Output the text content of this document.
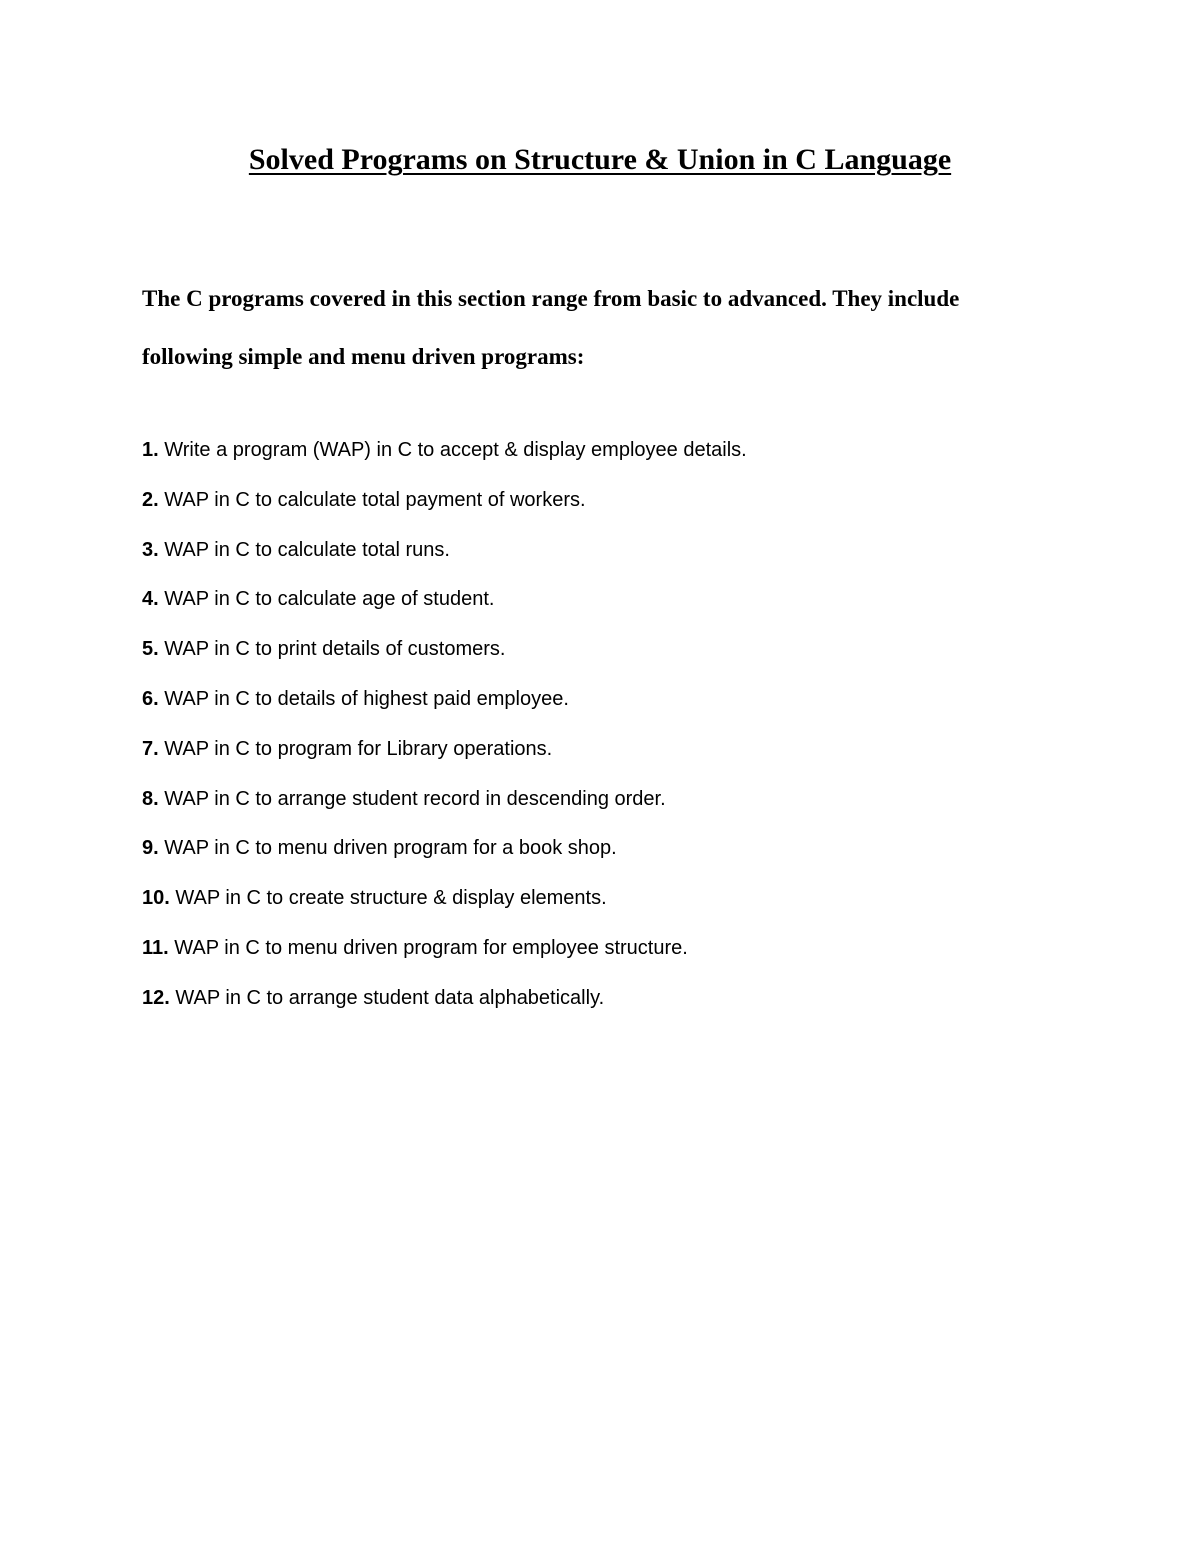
Solved Programs on Structure & Union in C Language

The C programs covered in this section range from basic to advanced. They include
following simple and menu driven programs:

1. Write a program (WAP) in C to accept & display employee details.
2. WAP in C to calculate total payment of workers.
3. WAP in C to calculate total runs.
4. WAP in C to calculate age of student.
5. WAP in C to print details of customers.
6. WAP in C to details of highest paid employee.
7. WAP in C to program for Library operations.
8. WAP in C to arrange student record in descending order.
9. WAP in C to menu driven program for a book shop.
10. WAP in C to create structure & display elements.
11. WAP in C to menu driven program for employee structure.
12. WAP in C to arrange student data alphabetically.
